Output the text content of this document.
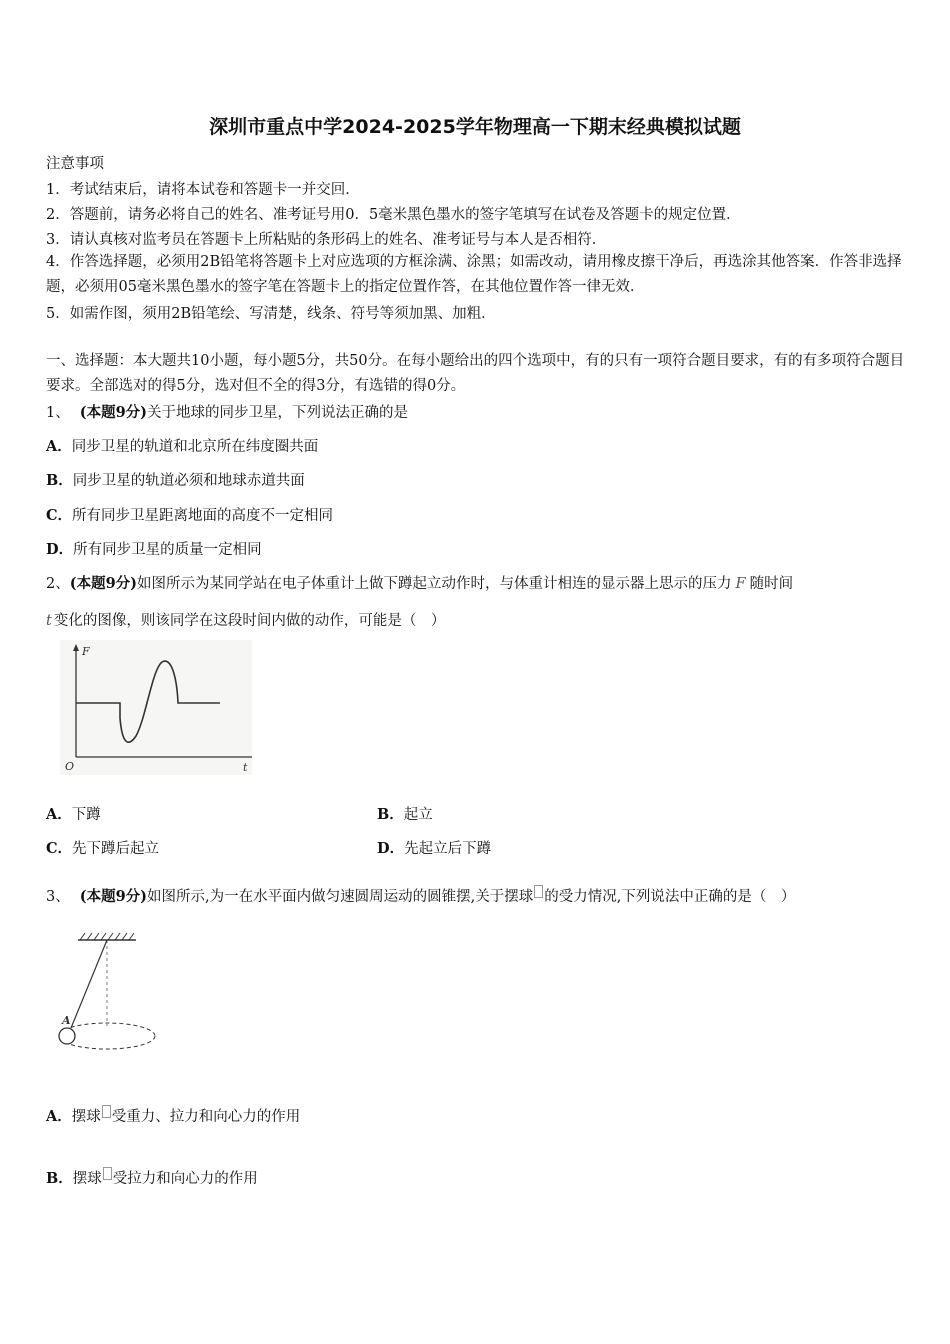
深圳市重点中学2024-2025学年物理高一下期末经典模拟试题
注意事项
1．考试结束后，请将本试卷和答题卡一并交回．
2．答题前，请务必将自己的姓名、准考证号用0．5毫米黑色墨水的签字笔填写在试卷及答题卡的规定位置．
3．请认真核对监考员在答题卡上所粘贴的条形码上的姓名、准考证号与本人是否相符．
4．作答选择题，必须用2B铅笔将答题卡上对应选项的方框涂满、涂黑；如需改动，请用橡皮擦干净后，再选涂其他答案．作答非选择题，必须用05毫米黑色墨水的签字笔在答题卡上的指定位置作答，在其他位置作答一律无效．
5．如需作图，须用2B铅笔绘、写清楚，线条、符号等须加黑、加粗．
一、选择题：本大题共10小题，每小题5分，共50分。在每小题给出的四个选项中，有的只有一项符合题目要求，有的有多项符合题目要求。全部选对的得5分，选对但不全的得3分，有选错的得0分。
1、 (本题9分)关于地球的同步卫星，下列说法正确的是
A．同步卫星的轨道和北京所在纬度圈共面
B．同步卫星的轨道必须和地球赤道共面
C．所有同步卫星距离地面的高度不一定相同
D．所有同步卫星的质量一定相同
2、(本题9分)如图所示为某同学站在电子体重计上做下蹲起立动作时，与体重计相连的显示器上思示的压力 F 随时间
t 变化的图像，则该同学在这段时间内做的动作，可能是（　）
F
O	t
A．下蹲	B．起立
C．先下蹲后起立	D．先起立后下蹲
3、 (本题9分)如图所示,为一在水平面内做匀速圆周运动的圆锥摆,关于摆球 的受力情况,下列说法中正确的是（　）
A
A．摆球 受重力、拉力和向心力的作用
B．摆球 受拉力和向心力的作用
